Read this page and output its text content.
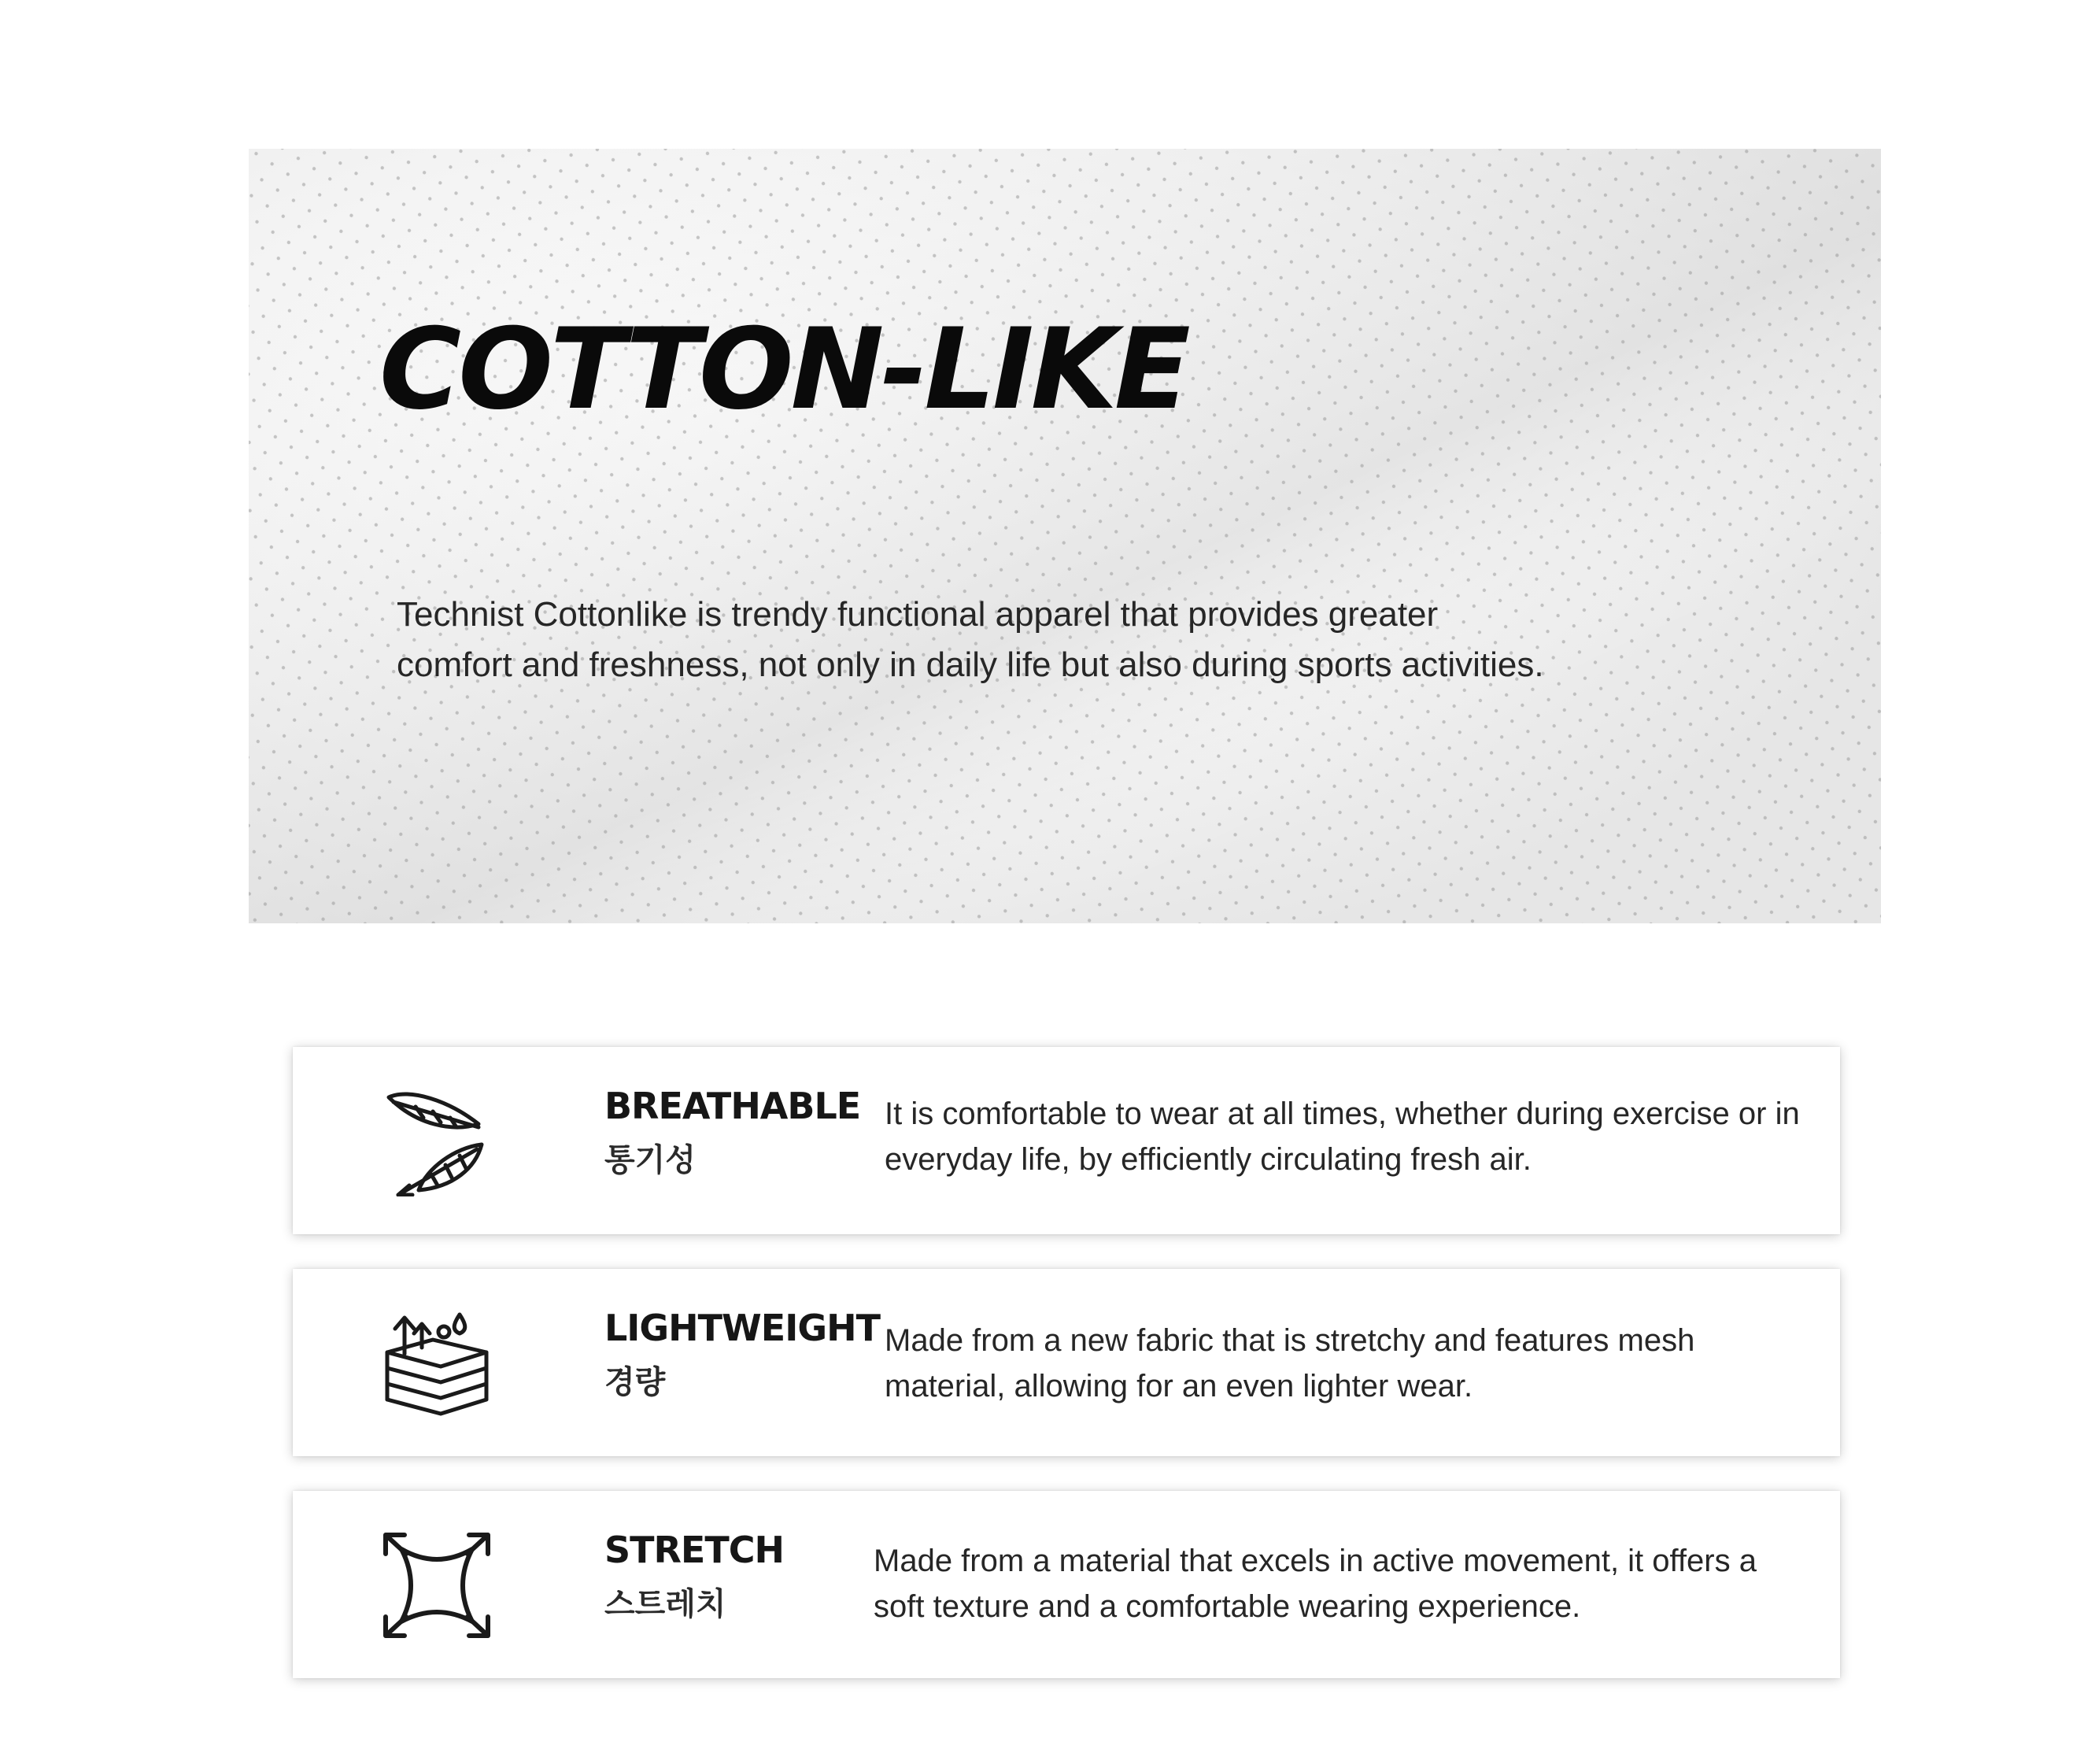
COTTON-LIKE

Technist Cottonlike is trendy functional apparel that provides greater comfort and freshness, not only in daily life but also during sports activities.

BREATHABLE
통기성

It is comfortable to wear at all times, whether during exercise or in everyday life, by efficiently circulating fresh air.

LIGHTWEIGHT
경량

Made from a new fabric that is stretchy and features mesh material, allowing for an even lighter wear.

STRETCH
스트레치

Made from a material that excels in active movement, it offers a soft texture and a comfortable wearing experience.
